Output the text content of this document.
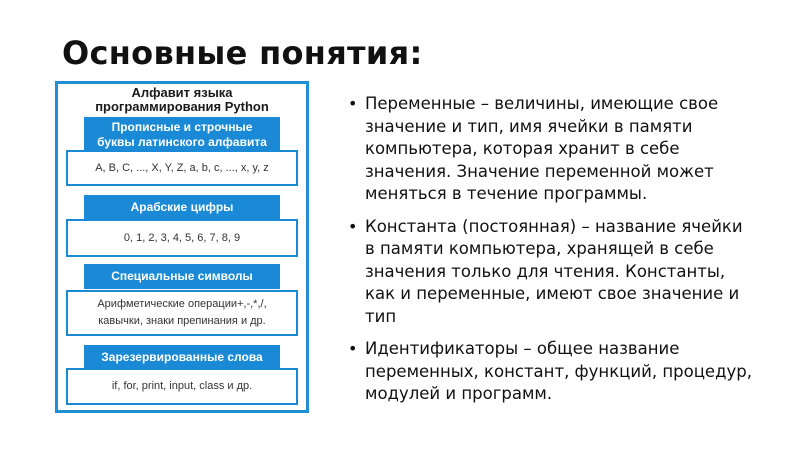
Основные понятия:
Алфавит языка
программирования Python
Прописные и строчные
буквы латинского алфавита
A, B, C, ..., X, Y, Z, a, b, c, ..., x, y, z
Арабские цифры
0, 1, 2, 3, 4, 5, 6, 7, 8, 9
Специальные символы
Арифметические операции+,-,*,/,
кавычки, знаки препинания и др.
Зарезервированные слова
if, for, print, input, class и др.
• Переменные – величины, имеющие свое значение и тип, имя ячейки в памяти компьютера, которая хранит в себе значения. Значение переменной может меняться в течение программы.
• Константа (постоянная) – название ячейки в памяти компьютера, хранящей в себе значения только для чтения. Константы, как и переменные, имеют свое значение и тип
• Идентификаторы – общее название переменных, констант, функций, процедур, модулей и программ.
